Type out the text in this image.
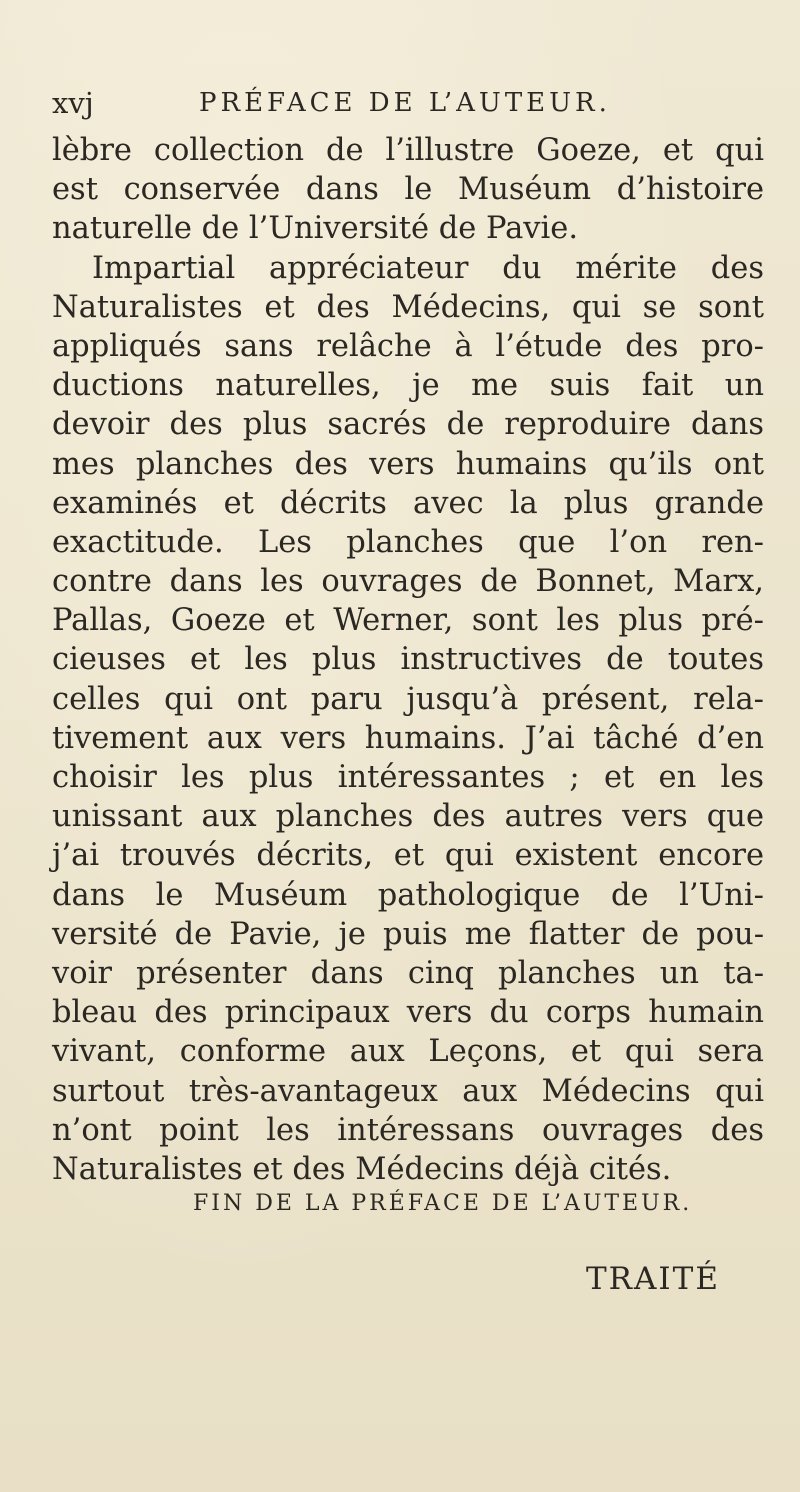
xvj	PRÉFACE DE L’AUTEUR.
lèbre collection de l’illustre Goeze, et qui
est conservée dans le Muséum d’histoire
naturelle de l’Université de Pavie.
Impartial appréciateur du mérite des
Naturalistes et des Médecins, qui se sont
appliqués sans relâche à l’étude des pro-
ductions naturelles, je me suis fait un
devoir des plus sacrés de reproduire dans
mes planches des vers humains qu’ils ont
examinés et décrits avec la plus grande
exactitude. Les planches que l’on ren-
contre dans les ouvrages de Bonnet, Marx,
Pallas, Goeze et Werner, sont les plus pré-
cieuses et les plus instructives de toutes
celles qui ont paru jusqu’à présent, rela-
tivement aux vers humains. J’ai tâché d’en
choisir les plus intéressantes ; et en les
unissant aux planches des autres vers que
j’ai trouvés décrits, et qui existent encore
dans le Muséum pathologique de l’Uni-
versité de Pavie, je puis me flatter de pou-
voir présenter dans cinq planches un ta-
bleau des principaux vers du corps humain
vivant, conforme aux Leçons, et qui sera
surtout très-avantageux aux Médecins qui
n’ont point les intéressans ouvrages des
Naturalistes et des Médecins déjà cités.
FIN DE LA PRÉFACE DE L’AUTEUR.
TRAITÉ
